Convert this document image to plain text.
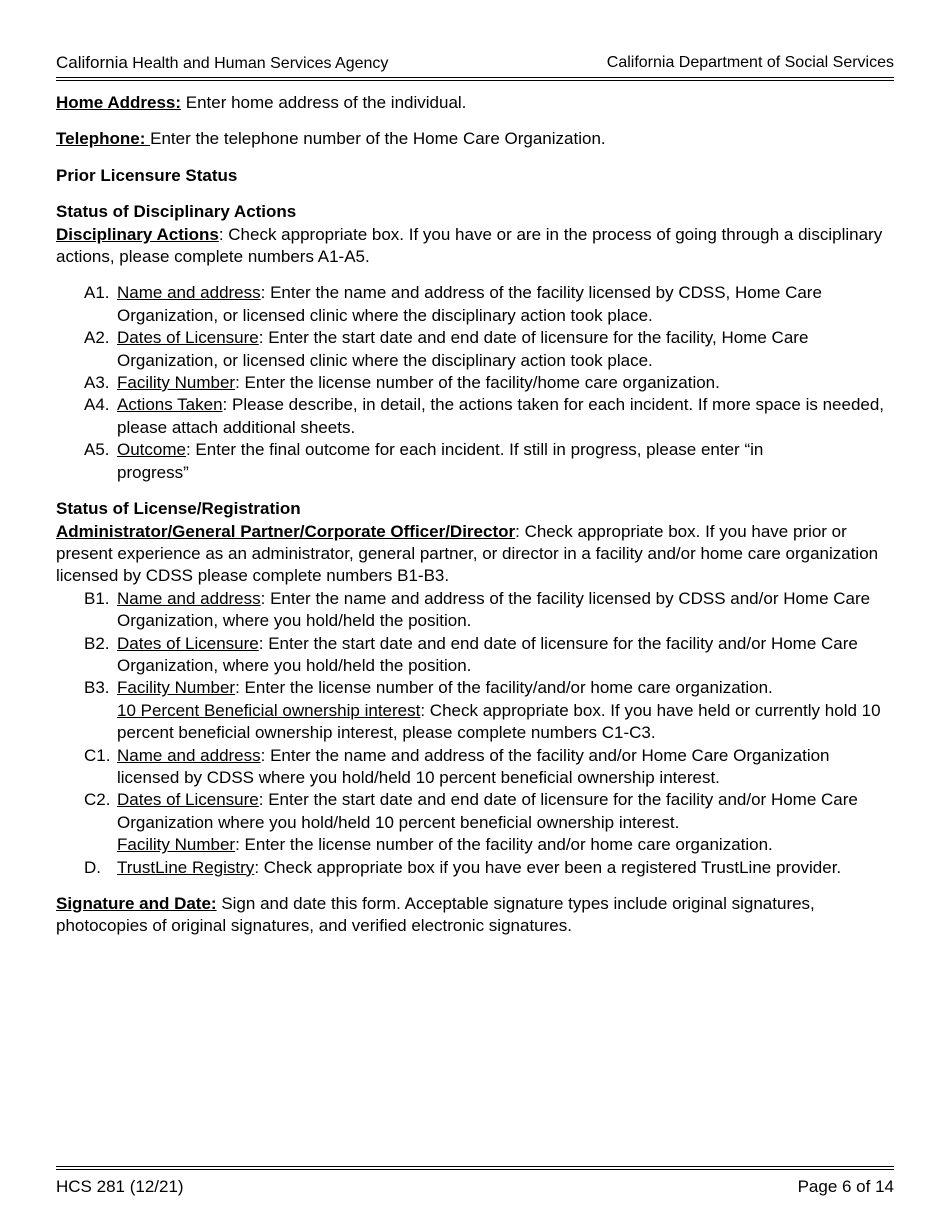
California Health and Human Services Agency	California Department of Social Services

Home Address: Enter home address of the individual.

Telephone: Enter the telephone number of the Home Care Organization.

Prior Licensure Status

Status of Disciplinary Actions

Disciplinary Actions: Check appropriate box. If you have or are in the process of going through a disciplinary actions, please complete numbers A1-A5.

A1. Name and address: Enter the name and address of the facility licensed by CDSS, Home Care Organization, or licensed clinic where the disciplinary action took place.
A2. Dates of Licensure: Enter the start date and end date of licensure for the facility, Home Care Organization, or licensed clinic where the disciplinary action took place.
A3. Facility Number: Enter the license number of the facility/home care organization.
A4. Actions Taken: Please describe, in detail, the actions taken for each incident. If more space is needed, please attach additional sheets.
A5. Outcome: Enter the final outcome for each incident. If still in progress, please enter “in progress”

Status of License/Registration

Administrator/General Partner/Corporate Officer/Director: Check appropriate box. If you have prior or present experience as an administrator, general partner, or director in a facility and/or home care organization licensed by CDSS please complete numbers B1-B3.

B1. Name and address: Enter the name and address of the facility licensed by CDSS and/or Home Care Organization, where you hold/held the position.
B2. Dates of Licensure: Enter the start date and end date of licensure for the facility and/or Home Care Organization, where you hold/held the position.
B3. Facility Number: Enter the license number of the facility/and/or home care organization.
10 Percent Beneficial ownership interest: Check appropriate box. If you have held or currently hold 10 percent beneficial ownership interest, please complete numbers C1-C3.
C1. Name and address: Enter the name and address of the facility and/or Home Care Organization licensed by CDSS where you hold/held 10 percent beneficial ownership interest.
C2. Dates of Licensure: Enter the start date and end date of licensure for the facility and/or Home Care Organization where you hold/held 10 percent beneficial ownership interest.
Facility Number: Enter the license number of the facility and/or home care organization.
D. TrustLine Registry: Check appropriate box if you have ever been a registered TrustLine provider.

Signature and Date: Sign and date this form. Acceptable signature types include original signatures, photocopies of original signatures, and verified electronic signatures.

HCS 281 (12/21)	Page 6 of 14
